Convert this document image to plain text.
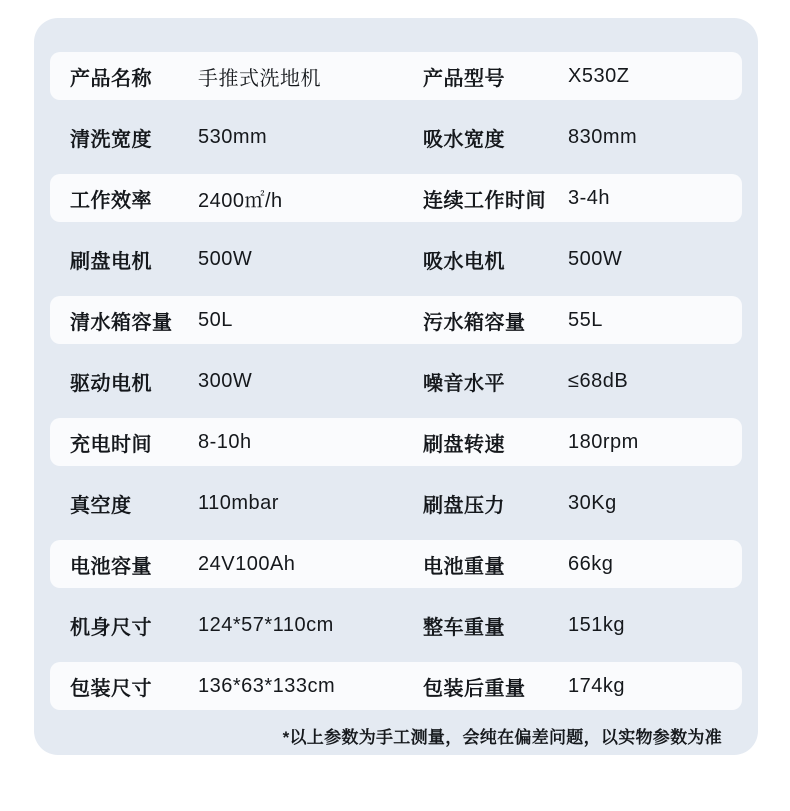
产品名称	手推式洗地机	产品型号	X530Z
清洗宽度	530mm	吸水宽度	830mm
工作效率	2400㎡/h	连续工作时间	3-4h
刷盘电机	500W	吸水电机	500W
清水箱容量	50L	污水箱容量	55L
驱动电机	300W	噪音水平	≤68dB
充电时间	8-10h	刷盘转速	180rpm
真空度	110mbar	刷盘压力	30Kg
电池容量	24V100Ah	电池重量	66kg
机身尺寸	124*57*110cm	整车重量	151kg
包装尺寸	136*63*133cm	包装后重量	174kg
*以上参数为手工测量，会纯在偏差问题，以实物参数为准
